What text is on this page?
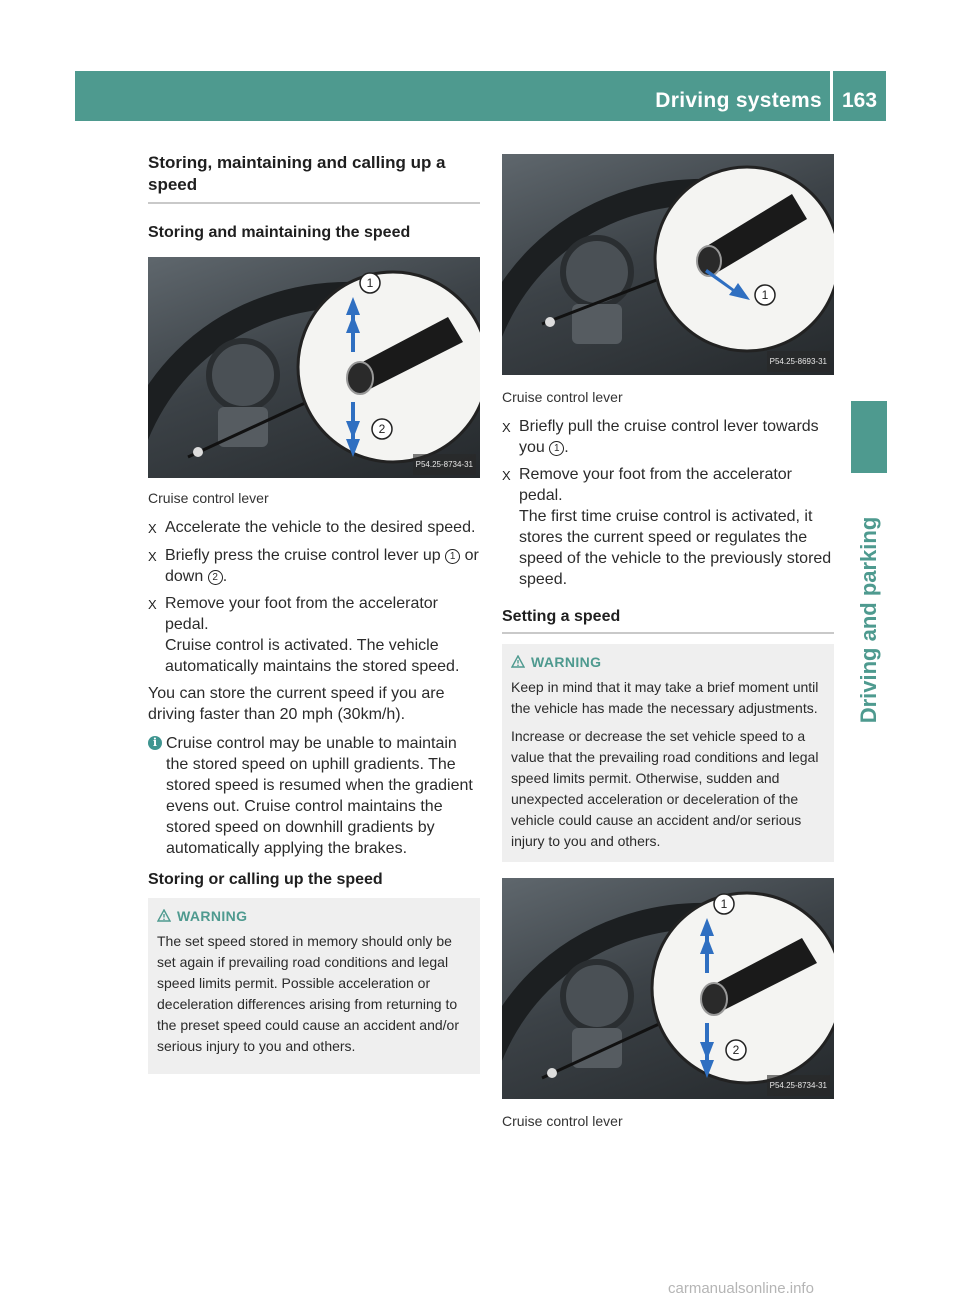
Driving systems 163
Driving and parking
Storing, maintaining and calling up a speed
Storing and maintaining the speed
1
2
P54.25-8734-31
Cruise control lever
X Accelerate the vehicle to the desired speed.
X Briefly press the cruise control lever up 1 or down 2 .
X Remove your foot from the accelerator pedal.
Cruise control is activated. The vehicle automatically maintains the stored speed.

You can store the current speed if you are driving faster than 20 mph (30km/h).

i Cruise control may be unable to maintain the stored speed on uphill gradients. The stored speed is resumed when the gradient evens out. Cruise control maintains the stored speed on downhill gradients by automatically applying the brakes.
Storing or calling up the speed
WARNING

The set speed stored in memory should only be set again if prevailing road conditions and legal speed limits permit. Possible acceleration or deceleration differences arising from returning to the preset speed could cause an accident and/or serious injury to you and others.

1
P54.25-8693-31
Cruise control lever
X Briefly pull the cruise control lever towards you 1 .
X Remove your foot from the accelerator pedal.
The first time cruise control is activated, it stores the current speed or regulates the speed of the vehicle to the previously stored speed.
Setting a speed
WARNING

Keep in mind that it may take a brief moment until the vehicle has made the necessary adjustments.

Increase or decrease the set vehicle speed to a value that the prevailing road conditions and legal speed limits permit. Otherwise, sudden and unexpected acceleration or deceleration of the vehicle could cause an accident and/or serious injury to you and others.

1
2
P54.25-8734-31
Cruise control lever
carmanualsonline.info
